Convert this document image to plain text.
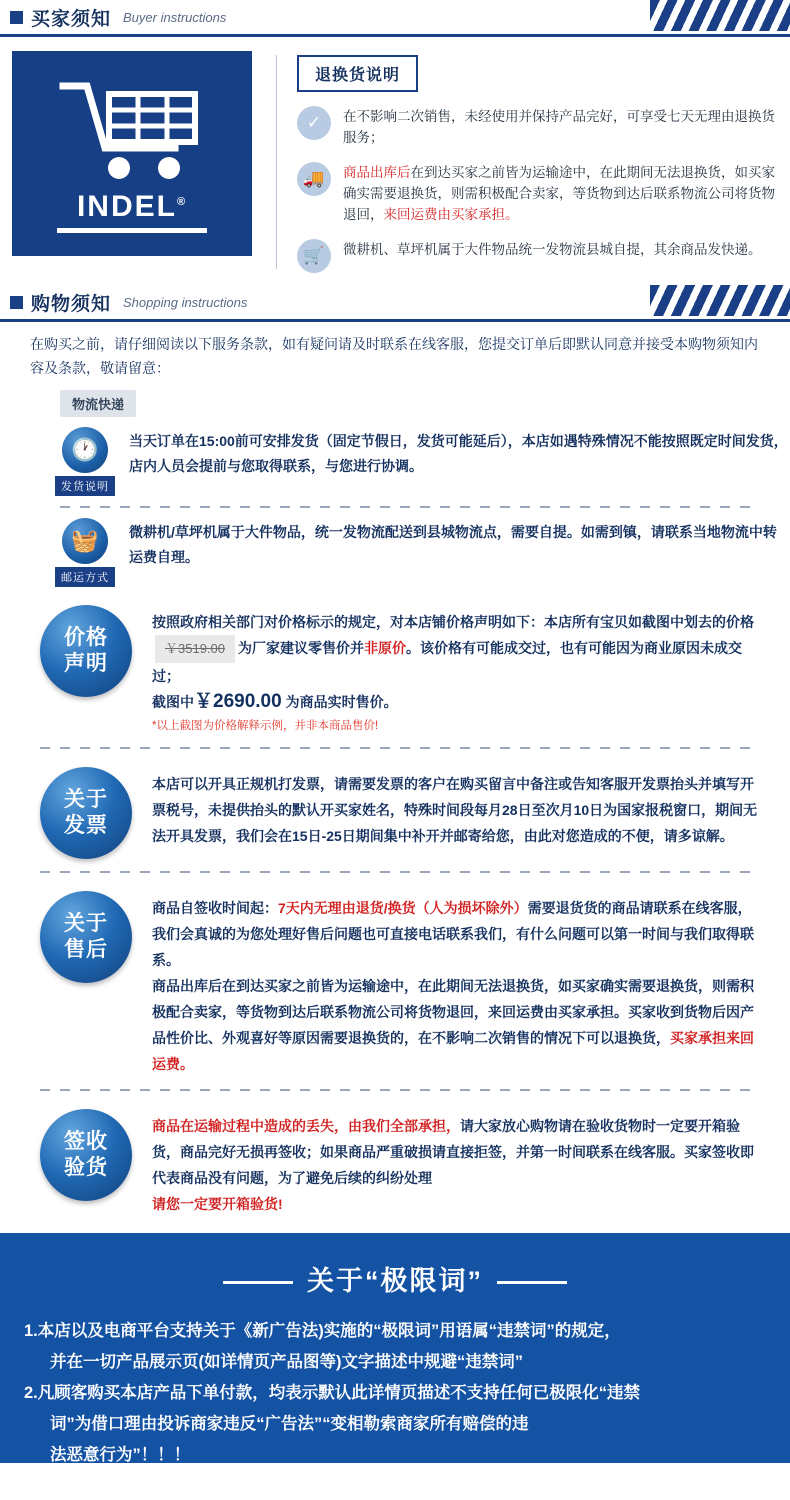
买家须知 Buyer instructions
INDEL®
退换货说明
✓	在不影响二次销售，未经使用并保持产品完好，可享受七天无理由退换货服务；
🚚	商品出库后在到达买家之前皆为运输途中，在此期间无法退换货，如买家确实需要退换货，则需积极配合卖家，等货物到达后联系物流公司将货物退回，来回运费由买家承担。
🛒	微耕机、草坪机属于大件物品统一发物流县城自提，其余商品发快递。
购物须知 Shopping instructions
在购买之前，请仔细阅读以下服务条款，如有疑问请及时联系在线客服，您提交订单后即默认同意并接受本购物须知内容及条款，敬请留意：
物流快递
🕐
发货说明
当天订单在15:00前可安排发货（固定节假日，发货可能延后），本店如遇特殊情况不能按照既定时间发货，店内人员会提前与您取得联系，与您进行协调。
🧺
邮运方式
微耕机/草坪机属于大件物品，统一发物流配送到县城物流点，需要自提。如需到镇，请联系当地物流中转运费自理。
价格
声明
按照政府相关部门对价格标示的规定，对本店铺价格声明如下：本店所有宝贝如截图中划去的价格￥3519.00 为厂家建议零售价并非原价。该价格有可能成交过，也有可能因为商业原因未成交过；
截图中￥2690.00 为商品实时售价。
*以上截图为价格解释示例，并非本商品售价!
关于
发票
本店可以开具正规机打发票，请需要发票的客户在购买留言中备注或告知客服开发票抬头并填写开票税号，未提供抬头的默认开买家姓名，特殊时间段每月28日至次月10日为国家报税窗口，期间无法开具发票，我们会在15日-25日期间集中补开并邮寄给您，由此对您造成的不便，请多谅解。
关于
售后
商品自签收时间起：7天内无理由退货/换货（人为损坏除外）需要退货货的商品请联系在线客服，我们会真诚的为您处理好售后问题也可直接电话联系我们，有什么问题可以第一时间与我们取得联系。
商品出库后在到达买家之前皆为运输途中，在此期间无法退换货，如买家确实需要退换货，则需积极配合卖家，等货物到达后联系物流公司将货物退回，来回运费由买家承担。买家收到货物后因产品性价比、外观喜好等原因需要退换货的，在不影响二次销售的情况下可以退换货，买家承担来回运费。
签收
验货
商品在运输过程中造成的丢失，由我们全部承担，请大家放心购物请在验收货物时一定要开箱验货，商品完好无损再签收；如果商品严重破损请直接拒签，并第一时间联系在线客服。买家签收即代表商品没有问题，为了避免后续的纠纷处理
请您一定要开箱验货!
关于“极限词”
1.本店以及电商平台支持关于《新广告法)实施的“极限词”用语属“违禁词”的规定，
并在一切产品展示页(如详情页产品图等)文字描述中规避“违禁词”
2.凡顾客购买本店产品下单付款，均表示默认此详情页描述不支持任何已极限化“违禁
词”为借口理由投诉商家违反“广告法”“变相勒索商家所有赔偿的违
法恶意行为”！！！
